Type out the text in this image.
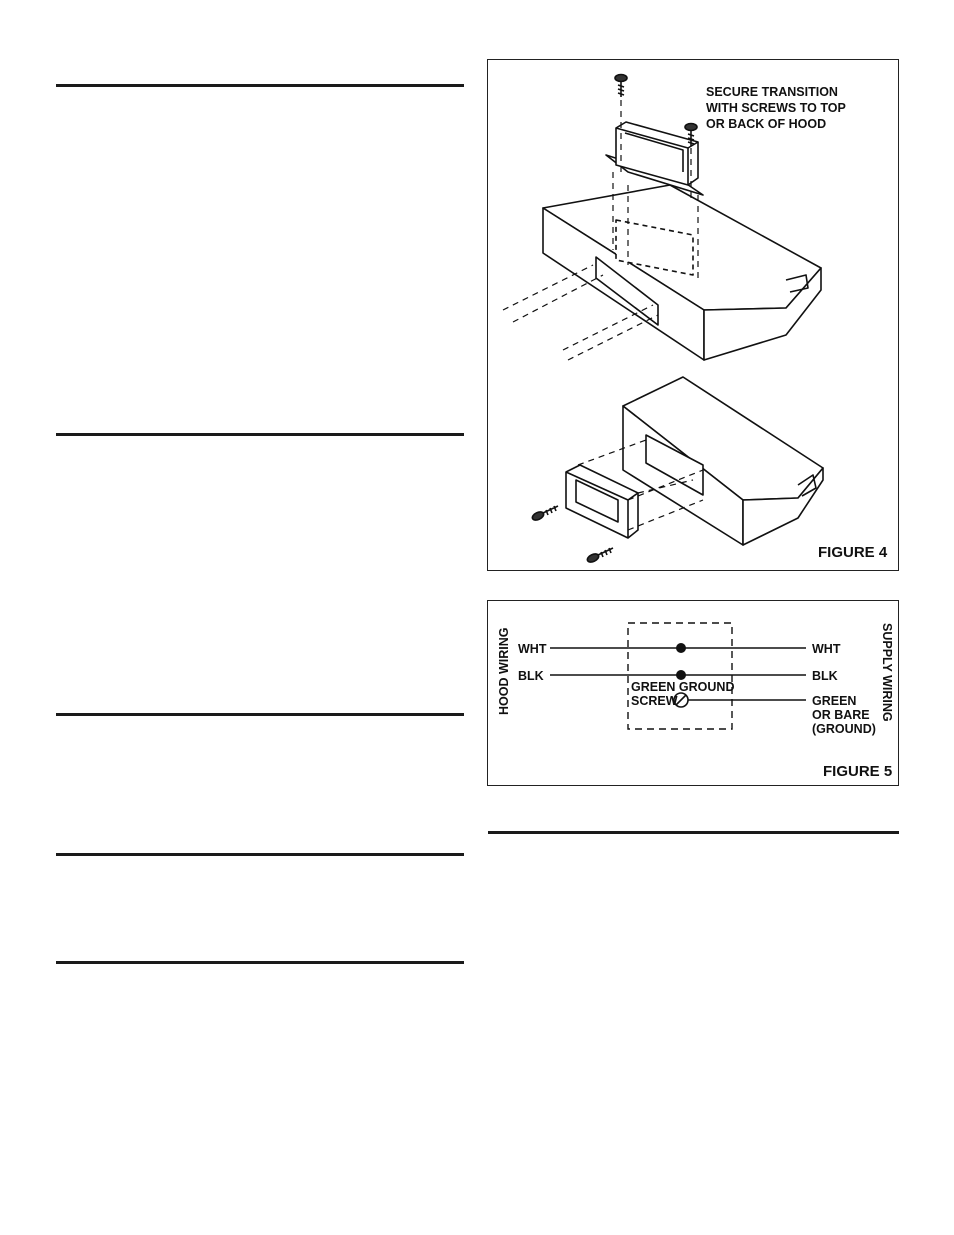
SECURE TRANSITION
WITH SCREWS TO TOP
OR BACK OF HOOD
FIGURE 4
WHT
BLK
WHT
BLK
GREEN GROUND
SCREW	GREEN
OR BARE
(GROUND)
HOOD WIRING	SUPPLY WIRING
FIGURE 5
